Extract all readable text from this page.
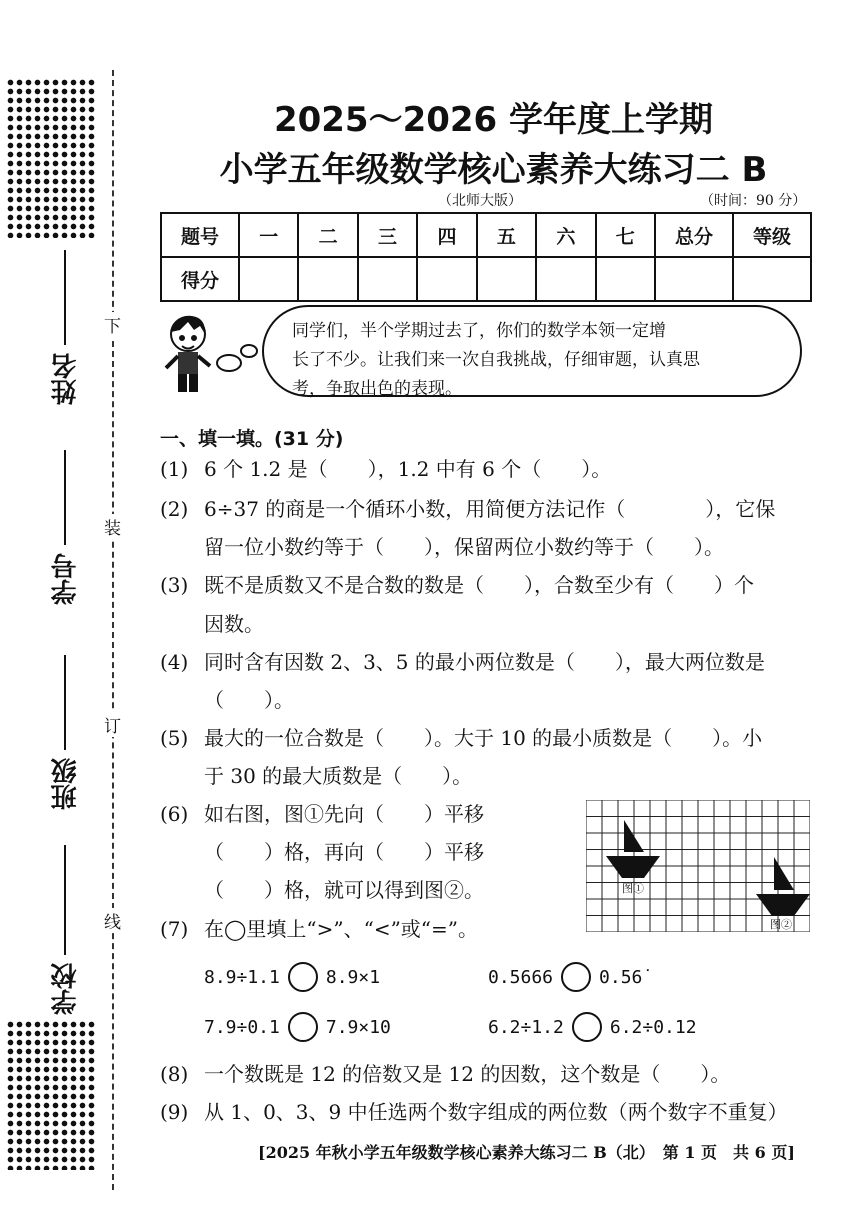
下
装
订
线
姓名
学号
班级
学校
2025～2026 学年度上学期
小学五年级数学核心素养大练习二 B
（北师大版）	（时间：90 分）
题号	一	二	三	四	五	六	七	总分	等级
得分									
同学们，半个学期过去了，你们的数学本领一定增
长了不少。让我们来一次自我挑战，仔细审题，认真思
考，争取出色的表现。
一、填一填。(31 分)
(1) 6 个 1.2 是（　　），1.2 中有 6 个（　　）。
(2) 6÷37 的商是一个循环小数，用简便方法记作（　　　　），它保
留一位小数约等于（　　），保留两位小数约等于（　　）。
(3) 既不是质数又不是合数的数是（　　），合数至少有（　　）个
因数。
(4) 同时含有因数 2、3、5 的最小两位数是（　　），最大两位数是
（　　）。
(5) 最大的一位合数是（　　）。大于 10 的最小质数是（　　）。小
于 30 的最大质数是（　　）。
(6) 如右图，图①先向（　　）平移
（　　）格，再向（　　）平移
（　　）格，就可以得到图②。	图①
图②
(7) 在◯里填上“>”、“<”或“=”。
8.9÷1.1	8.9×1	0.5666	0.56̇
7.9÷0.1	7.9×10	6.2÷1.2	6.2÷0.12
(8) 一个数既是 12 的倍数又是 12 的因数，这个数是（　　）。
(9) 从 1、0、3、9 中任选两个数字组成的两位数（两个数字不重复）
[2025 年秋小学五年级数学核心素养大练习二 B（北）　第 1 页　共 6 页]
